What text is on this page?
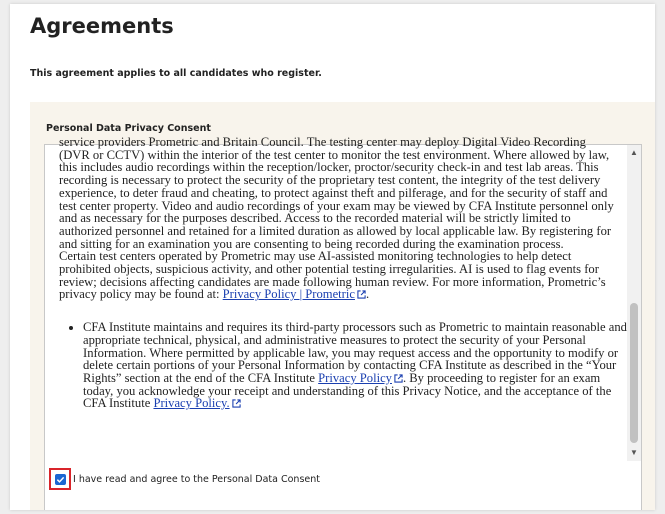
Agreements
This agreement applies to all candidates who register.
Personal Data Privacy Consent

service providers Prometric and Britain Council. The testing center may deploy Digital Video Recording

(DVR or CCTV) within the interior of the test center to monitor the test environment. Where allowed by law, this includes audio recordings within the reception/locker, proctor/security check-in and test lab areas. This recording is necessary to protect the security of the proprietary test content, the integrity of the test delivery experience, to deter fraud and cheating, to protect against theft and pilferage, and for the security of staff and test center property. Video and audio recordings of your exam may be viewed by CFA Institute personnel only and as necessary for the purposes described. Access to the recorded material will be strictly limited to authorized personnel and retained for a limited duration as allowed by local applicable law. By registering for and sitting for an examination you are consenting to being recorded during the examination process.

Certain test centers operated by Prometric may use AI-assisted monitoring technologies to help detect prohibited objects, suspicious activity, and other potential testing irregularities. AI is used to flag events for review; decisions affecting candidates are made following human review. For more information, Prometric’s privacy policy may be found at: Privacy Policy | Prometric .

• CFA Institute maintains and requires its third-party processors such as Prometric to maintain reasonable and appropriate technical, physical, and administrative measures to protect the security of your Personal Information. Where permitted by applicable law, you may request access and the opportunity to modify or delete certain portions of your Personal Information by contacting CFA Institute as described in the “Your Rights” section at the end of the CFA Institute Privacy Policy . By proceeding to register for an exam today, you acknowledge your receipt and understanding of this Privacy Notice, and the acceptance of the CFA Institute Privacy Policy.
▲
▼
I have read and agree to the Personal Data Consent
